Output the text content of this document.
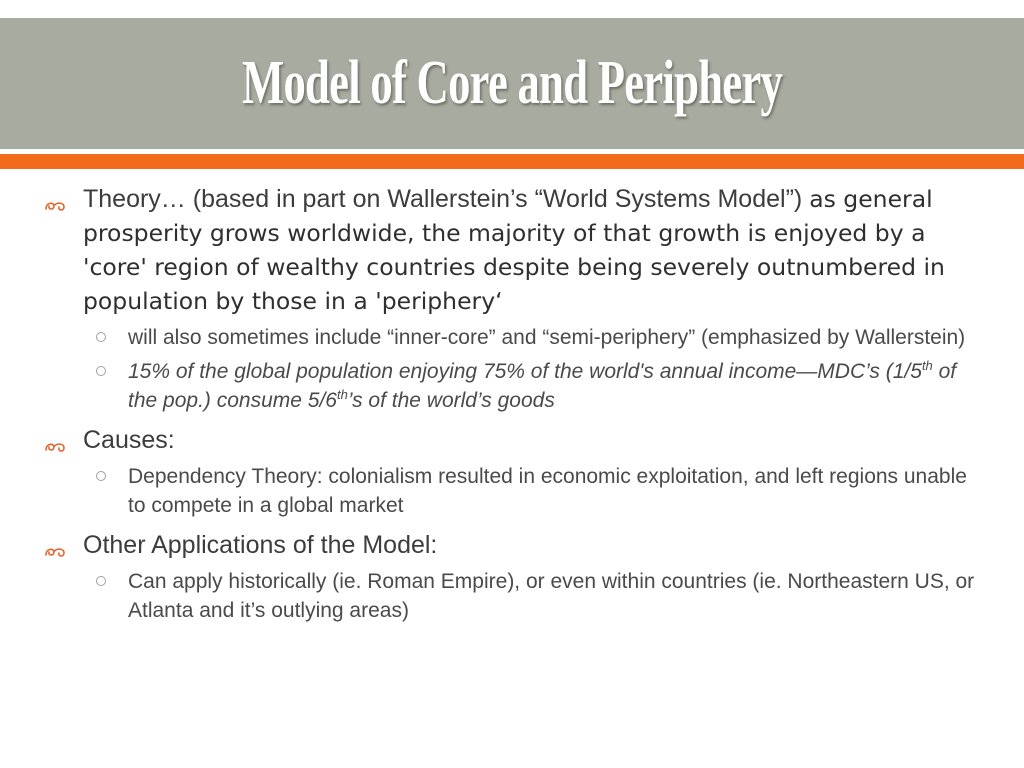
Model of Core and Periphery
Theory… (based in part on Wallerstein’s “World Systems Model”) as general prosperity grows worldwide, the majority of that growth is enjoyed by a 'core' region of wealthy countries despite being severely outnumbered in population by those in a 'periphery‘
will also sometimes include “inner-core” and “semi-periphery” (emphasized by Wallerstein)
15% of the global population enjoying 75% of the world's annual income—MDC’s (1/5th of the pop.) consume 5/6th’s of the world’s goods
Causes:
Dependency Theory: colonialism resulted in economic exploitation, and left regions unable to compete in a global market
Other Applications of the Model:
Can apply historically (ie. Roman Empire), or even within countries (ie. Northeastern US, or Atlanta and it’s outlying areas)
